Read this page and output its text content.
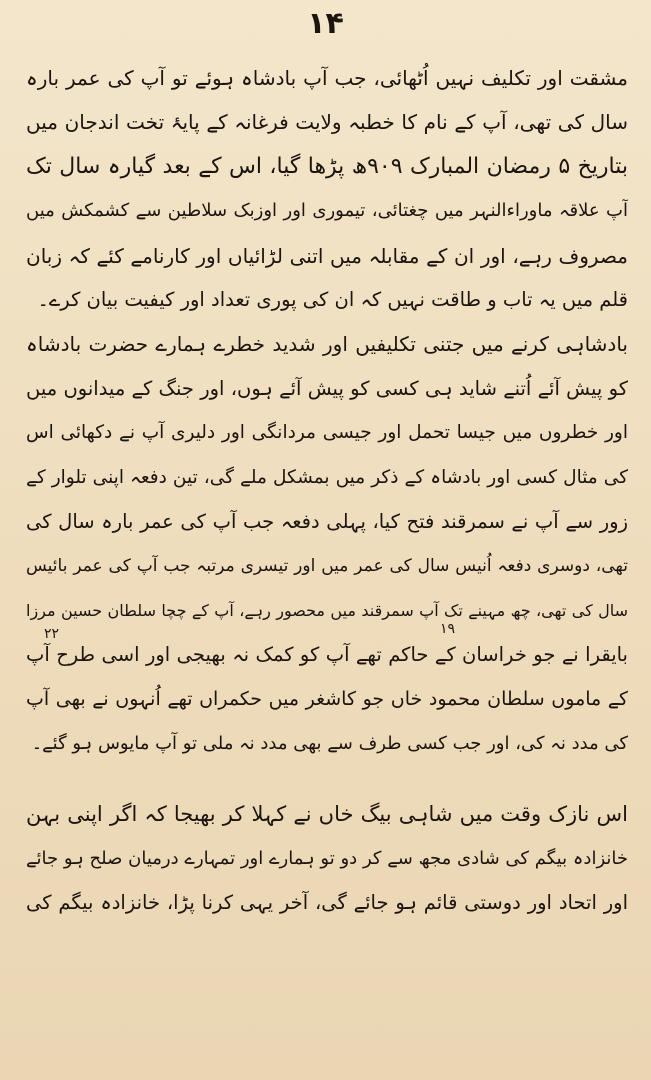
۱۴
۱۹
۲۲
مشقت اور تکلیف نہیں اُٹھائی، جب آپ بادشاہ ہوئے تو آپ کی عمر بارہ
سال کی تھی، آپ کے نام کا خطبہ ولایت فرغانہ کے پایۂ تخت اندجان میں
بتاریخ ۵ رمضان المبارک ۹۰۹ھ پڑھا گیا، اس کے بعد گیارہ سال تک
آپ علاقہ ماوراءالنہر میں چغتائی، تیموری اور اوزبک سلاطین سے کشمکش میں
مصروف رہے، اور ان کے مقابلہ میں اتنی لڑائیاں اور کارنامے کئے کہ زبان
قلم میں یہ تاب و طاقت نہیں کہ ان کی پوری تعداد اور کیفیت بیان کرے۔
بادشاہی کرنے میں جتنی تکلیفیں اور شدید خطرے ہمارے حضرت بادشاہ
کو پیش آئے اُتنے شاید ہی کسی کو پیش آئے ہوں، اور جنگ کے میدانوں میں
اور خطروں میں جیسا تحمل اور جیسی مردانگی اور دلیری آپ نے دکھائی اس
کی مثال کسی اور بادشاہ کے ذکر میں بمشکل ملے گی، تین دفعہ اپنی تلوار کے
زور سے آپ نے سمرقند فتح کیا، پہلی دفعہ جب آپ کی عمر بارہ سال کی
تھی، دوسری دفعہ اُنیس سال کی عمر میں اور تیسری مرتبہ جب آپ کی عمر بائیس
سال کی تھی، چھ مہینے تک آپ سمرقند میں محصور رہے، آپ کے چچا سلطان حسین مرزا
بایقرا نے جو خراسان کے حاکم تھے آپ کو کمک نہ بھیجی اور اسی طرح آپ
کے ماموں سلطان محمود خاں جو کاشغر میں حکمراں تھے اُنہوں نے بھی آپ
کی مدد نہ کی، اور جب کسی طرف سے بھی مدد نہ ملی تو آپ مایوس ہو گئے۔
اس نازک وقت میں شاہی بیگ خاں نے کہلا کر بھیجا کہ اگر اپنی بہن
خانزادہ بیگم کی شادی مجھ سے کر دو تو ہمارے اور تمہارے درمیان صلح ہو جائے
اور اتحاد اور دوستی قائم ہو جائے گی، آخر یہی کرنا پڑا، خانزادہ بیگم کی
